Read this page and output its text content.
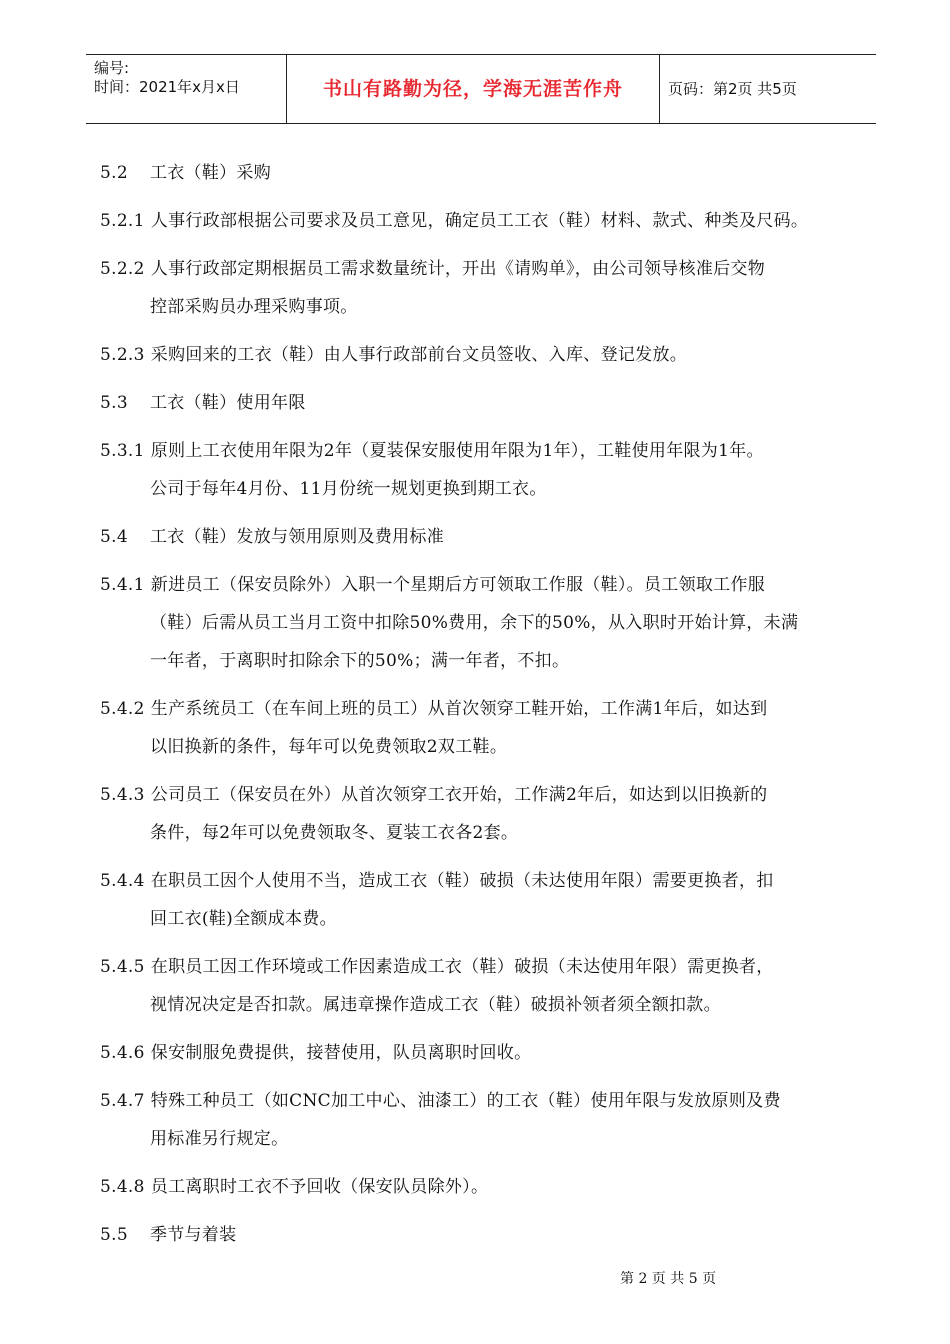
编号:
时间：2021年x月x日	书山有路勤为径，学海无涯苦作舟	页码：第2页 共5页
5.2 工衣（鞋）采购
5.2.1 人事行政部根据公司要求及员工意见，确定员工工衣（鞋）材料、款式、种类及尺码。
5.2.2 人事行政部定期根据员工需求数量统计，开出《请购单》，由公司领导核准后交物
控部采购员办理采购事项。
5.2.3 采购回来的工衣（鞋）由人事行政部前台文员签收、入库、登记发放。
5.3 工衣（鞋）使用年限
5.3.1 原则上工衣使用年限为2年（夏装保安服使用年限为1年），工鞋使用年限为1年。
公司于每年4月份、11月份统一规划更换到期工衣。
5.4 工衣（鞋）发放与领用原则及费用标准
5.4.1 新进员工（保安员除外）入职一个星期后方可领取工作服（鞋）。员工领取工作服
（鞋）后需从员工当月工资中扣除50%费用，余下的50%，从入职时开始计算，未满
一年者，于离职时扣除余下的50%；满一年者，不扣。
5.4.2 生产系统员工（在车间上班的员工）从首次领穿工鞋开始，工作满1年后，如达到
以旧换新的条件，每年可以免费领取2双工鞋。
5.4.3 公司员工（保安员在外）从首次领穿工衣开始，工作满2年后，如达到以旧换新的
条件，每2年可以免费领取冬、夏装工衣各2套。
5.4.4 在职员工因个人使用不当，造成工衣（鞋）破损（未达使用年限）需要更换者，扣
回工衣(鞋)全额成本费。
5.4.5 在职员工因工作环境或工作因素造成工衣（鞋）破损（未达使用年限）需更换者，
视情况决定是否扣款。属违章操作造成工衣（鞋）破损补领者须全额扣款。
5.4.6 保安制服免费提供，接替使用，队员离职时回收。
5.4.7 特殊工种员工（如CNC加工中心、油漆工）的工衣（鞋）使用年限与发放原则及费
用标准另行规定。
5.4.8 员工离职时工衣不予回收（保安队员除外）。
5.5 季节与着装
第 2 页 共 5 页
